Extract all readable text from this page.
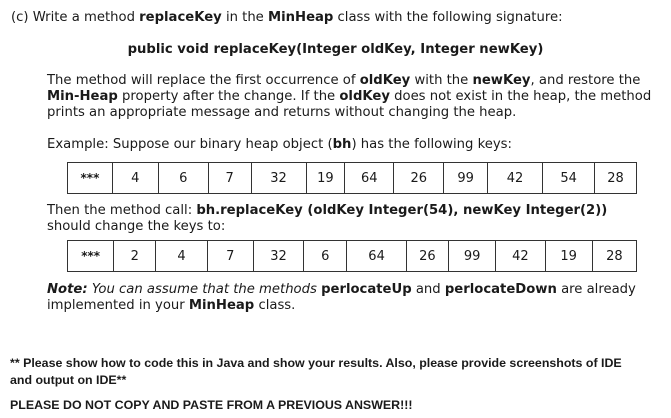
(c) Write a method replaceKey in the MinHeap class with the following signature:
public void replaceKey(Integer oldKey, Integer newKey)
The method will replace the first occurrence of oldKey with the newKey, and restore the
Min-Heap property after the change. If the oldKey does not exist in the heap, the method
prints an appropriate message and returns without changing the heap.
Example: Suppose our binary heap object (bh) has the following keys:
***	4	6	7	32	19	64	26	99	42	54	28
Then the method call: bh.replaceKey (oldKey Integer(54), newKey Integer(2))
should change the keys to:
***	2	4	7	32	6	64	26	99	42	19	28
Note: You can assume that the methods perlocateUp and perlocateDown are already
implemented in your MinHeap class.
** Please show how to code this in Java and show your results. Also, please provide screenshots of IDE
and output on IDE**
PLEASE DO NOT COPY AND PASTE FROM A PREVIOUS ANSWER!!!
